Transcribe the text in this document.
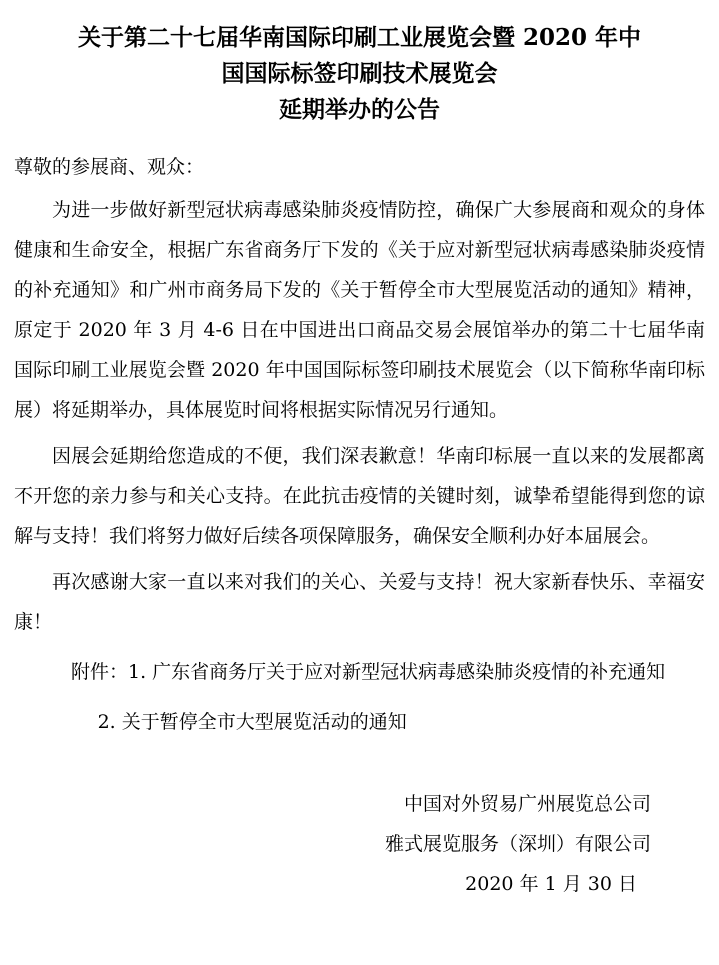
关于第二十七届华南国际印刷工业展览会暨 2020 年中
国国际标签印刷技术展览会
延期举办的公告
尊敬的参展商、观众：

为进一步做好新型冠状病毒感染肺炎疫情防控，确保广大参展商和观众的身体健康和生命安全，根据广东省商务厅下发的《关于应对新型冠状病毒感染肺炎疫情的补充通知》和广州市商务局下发的《关于暂停全市大型展览活动的通知》精神，原定于 2020 年 3 月 4-6 日在中国进出口商品交易会展馆举办的第二十七届华南国际印刷工业展览会暨 2020 年中国国际标签印刷技术展览会（以下简称华南印标展）将延期举办，具体展览时间将根据实际情况另行通知。

因展会延期给您造成的不便，我们深表歉意！华南印标展一直以来的发展都离不开您的亲力参与和关心支持。在此抗击疫情的关键时刻，诚挚希望能得到您的谅解与支持！我们将努力做好后续各项保障服务，确保安全顺利办好本届展会。

再次感谢大家一直以来对我们的关心、关爱与支持！祝大家新春快乐、幸福安康！

附件：1. 广东省商务厅关于应对新型冠状病毒感染肺炎疫情的补充通知
2. 关于暂停全市大型展览活动的通知
中国对外贸易广州展览总公司
雅式展览服务（深圳）有限公司
2020 年 1 月 30 日
